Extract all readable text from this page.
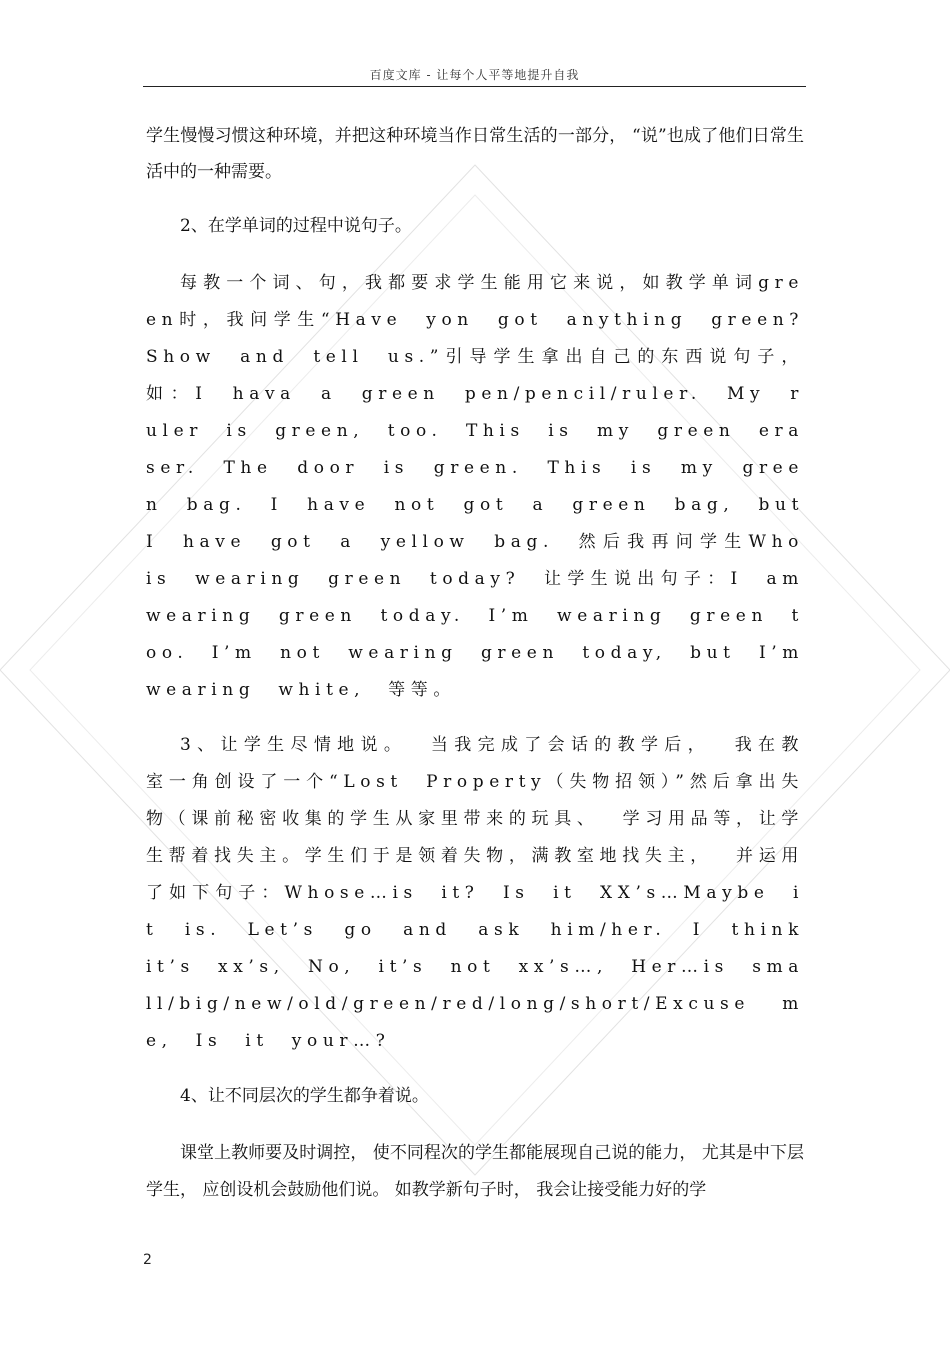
百度文库 - 让每个人平等地提升自我

学生慢慢习惯这种环境，并把这种环境当作日常生活的一部分， “说”也成了他们日常生活中的一种需要。

2、在学单词的过程中说句子。

每教一个词、句，我都要求学生能用它来说，如教学单词green时，我问学生“Have yon got anything green? Show and tell us.”引导学生拿出自己的东西说句子， 如：I hava a green pen/pencil/ruler. My ruler is green, too. This is my green eraser. The door is green. This is my green bag. I have not got a green bag, but I have got a yellow bag. 然后我再问学生Who is wearing green today? 让学生说出句子：I am wearing green today. I’m wearing green too. I’m not wearing green today, but I’m wearing white, 等等。

3、让学生尽情地说。 当我完成了会话的教学后， 我在教室一角创设了一个“Lost Property（失物招领）”然后拿出失物（课前秘密收集的学生从家里带来的玩具、 学习用品等，让学生帮着找失主。学生们于是领着失物，满教室地找失主， 并运用了如下句子：Whose…is it? Is it XX’s…Maybe it is. Let’s go and ask him/her. I think it’s xx’s, No, it’s not xx’s…, Her…is small/big/new/old/green/red/long/short/Excuse me, Is it your…?

4、让不同层次的学生都争着说。

课堂上教师要及时调控， 使不同程次的学生都能展现自己说的能力， 尤其是中下层学生， 应创设机会鼓励他们说。 如教学新句子时， 我会让接受能力好的学

2
